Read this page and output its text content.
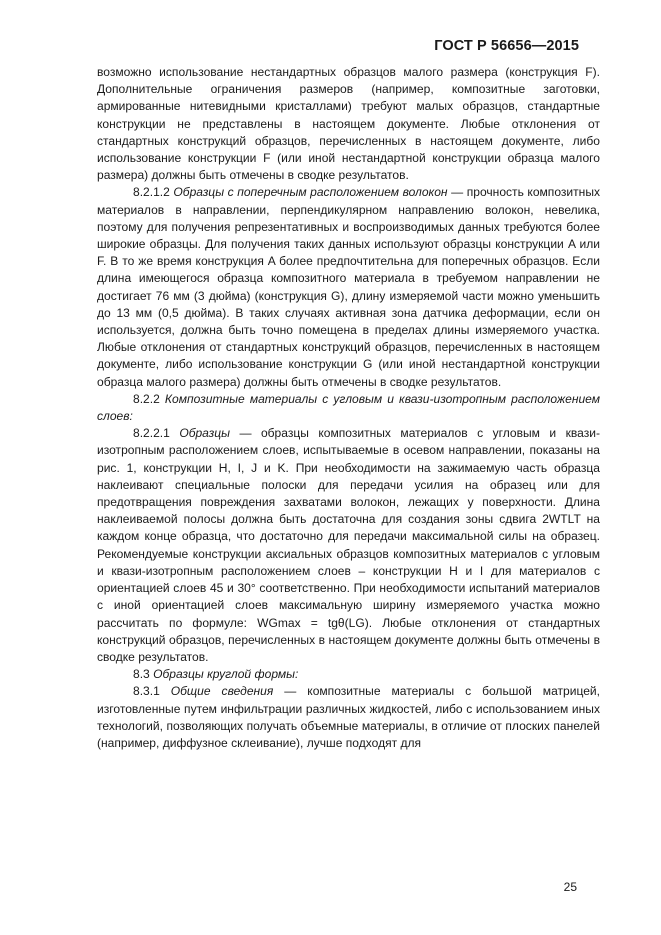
ГОСТ Р 56656—2015

возможно использование нестандартных образцов малого размера (конструкция F). Дополнительные ограничения размеров (например, композитные заготовки, армированные нитевидными кристаллами) требуют малых образцов, стандартные конструкции не представлены в настоящем документе. Любые отклонения от стандартных конструкций образцов, перечисленных в настоящем документе, либо использование конструкции F (или иной нестандартной конструкции образца малого размера) должны быть отмечены в сводке результатов.

8.2.1.2 Образцы с поперечным расположением волокон — прочность композитных материалов в направлении, перпендикулярном направлению волокон, невелика, поэтому для получения репрезентативных и воспроизводимых данных требуются более широкие образцы. Для получения таких данных используют образцы конструкции A или F. В то же время конструкция A более предпочтительна для поперечных образцов. Если длина имеющегося образца композитного материала в требуемом направлении не достигает 76 мм (3 дюйма) (конструкция G), длину измеряемой части можно уменьшить до 13 мм (0,5 дюйма). В таких случаях активная зона датчика деформации, если он используется, должна быть точно помещена в пределах длины измеряемого участка. Любые отклонения от стандартных конструкций образцов, перечисленных в настоящем документе, либо использование конструкции G (или иной нестандартной конструкции образца малого размера) должны быть отмечены в сводке результатов.

8.2.2 Композитные материалы с угловым и квази-изотропным расположением слоев:

8.2.2.1 Образцы — образцы композитных материалов с угловым и квази-изотропным расположением слоев, испытываемые в осевом направлении, показаны на рис. 1, конструкции H, I, J и K. При необходимости на зажимаемую часть образца наклеивают специальные полоски для передачи усилия на образец или для предотвращения повреждения захватами волокон, лежащих у поверхности. Длина наклеиваемой полосы должна быть достаточна для создания зоны сдвига 2WTLT на каждом конце образца, что достаточно для передачи максимальной силы на образец. Рекомендуемые конструкции аксиальных образцов композитных материалов с угловым и квази-изотропным расположением слоев – конструкции H и I для материалов с ориентацией слоев 45 и 30° соответственно. При необходимости испытаний материалов с иной ориентацией слоев максимальную ширину измеряемого участка можно рассчитать по формуле: WGmax = tgθ(LG). Любые отклонения от стандартных конструкций образцов, перечисленных в настоящем документе должны быть отмечены в сводке результатов.

8.3 Образцы круглой формы:

8.3.1 Общие сведения — композитные материалы с большой матрицей, изготовленные путем инфильтрации различных жидкостей, либо с использованием иных технологий, позволяющих получать объемные материалы, в отличие от плоских панелей (например, диффузное склеивание), лучше подходят для

25
